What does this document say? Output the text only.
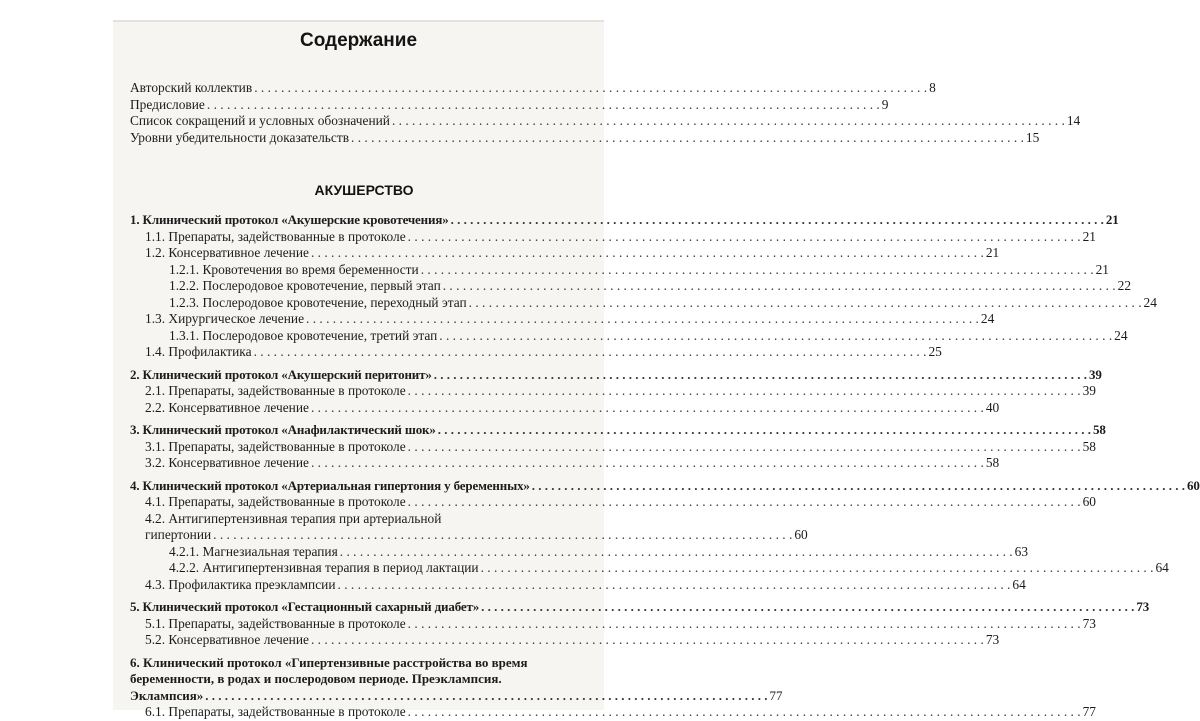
Содержание
Авторский коллектив . . .	8
Предисловие . . .	9
Список сокращений и условных обозначений . . .	14
Уровни убедительности доказательств . . .	15
АКУШЕРСТВО
1. Клинический протокол «Акушерские кровотечения» . . .	21
1.1. Препараты, задействованные в протоколе . . .	21
1.2. Консервативное лечение . . .	21
1.2.1. Кровотечения во время беременности . . .	21
1.2.2. Послеродовое кровотечение, первый этап . . .	22
1.2.3. Послеродовое кровотечение, переходный этап . . .	24
1.3. Хирургическое лечение . . .	24
1.3.1. Послеродовое кровотечение, третий этап . . .	24
1.4. Профилактика . . .	25
2. Клинический протокол «Акушерский перитонит» . . .	39
2.1. Препараты, задействованные в протоколе . . .	39
2.2. Консервативное лечение . . .	40
3. Клинический протокол «Анафилактический шок» . . .	58
3.1. Препараты, задействованные в протоколе . . .	58
3.2. Консервативное лечение . . .	58
4. Клинический протокол «Артериальная гипертония у беременных» . . .	60
4.1. Препараты, задействованные в протоколе . . .	60
4.2. Антигипертензивная терапия при артериальной
гипертонии . . .	60
4.2.1. Магнезиальная терапия . . .	63
4.2.2. Антигипертензивная терапия в период лактации . . .	64
4.3. Профилактика преэклампсии . . .	64
5. Клинический протокол «Гестационный сахарный диабет» . . .	73
5.1. Препараты, задействованные в протоколе . . .	73
5.2. Консервативное лечение . . .	73
6. Клинический протокол «Гипертензивные расстройства во время
беременности, в родах и послеродовом периоде. Преэклампсия.
Эклампсия» . . .	77
6.1. Препараты, задействованные в протоколе . . .	77
